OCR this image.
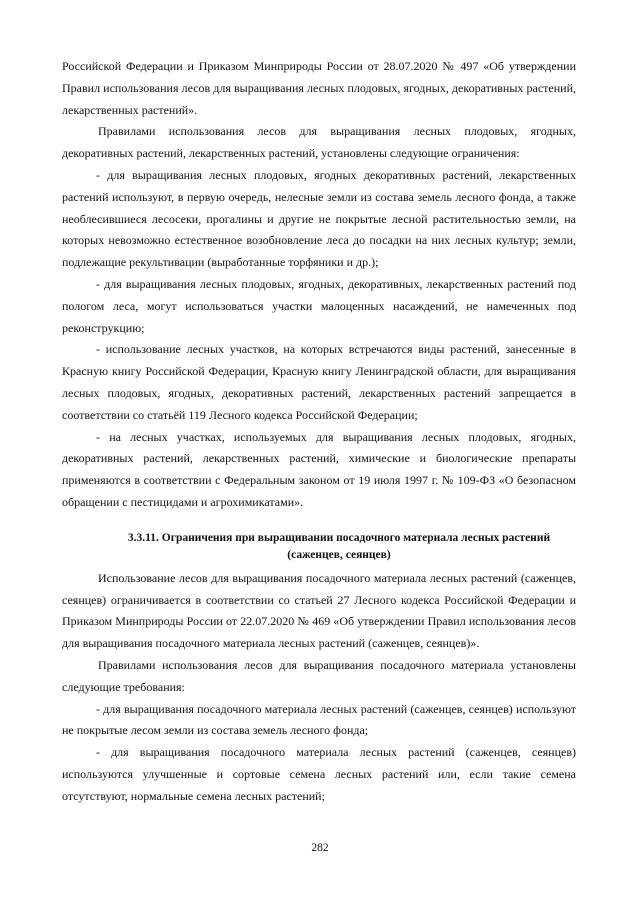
Российской Федерации и Приказом Минприроды России от 28.07.2020 № 497 «Об утверждении Правил использования лесов для выращивания лесных плодовых, ягодных, декоративных растений, лекарственных растений».

Правилами использования лесов для выращивания лесных плодовых, ягодных, декоративных растений, лекарственных растений, установлены следующие ограничения:

- для выращивания лесных плодовых, ягодных декоративных растений, лекарственных растений используют, в первую очередь, нелесные земли из состава земель лесного фонда, а также необлесившиеся лесосеки, прогалины и другие не покрытые лесной растительностью земли, на которых невозможно естественное возобновление леса до посадки на них лесных культур; земли, подлежащие рекультивации (выработанные торфяники и др.);

- для выращивания лесных плодовых, ягодных, декоративных, лекарственных растений под пологом леса, могут использоваться участки малоценных насаждений, не намеченных под реконструкцию;

- использование лесных участков, на которых встречаются виды растений, занесенные в Красную книгу Российской Федерации, Красную книгу Ленинградской области, для выращивания лесных плодовых, ягодных, декоративных растений, лекарственных растений запрещается в соответствии со статьёй 119 Лесного кодекса Российской Федерации;

- на лесных участках, используемых для выращивания лесных плодовых, ягодных, декоративных растений, лекарственных растений, химические и биологические препараты применяются в соответствии с Федеральным законом от 19 июля 1997 г. № 109-ФЗ «О безопасном обращении с пестицидами и агрохимикатами».

3.3.11. Ограничения при выращивании посадочного материала лесных растений
(саженцев, сеянцев)

Использование лесов для выращивания посадочного материала лесных растений (саженцев, сеянцев) ограничивается в соответствии со статьей 27 Лесного кодекса Российской Федерации и Приказом Минприроды России от 22.07.2020 № 469 «Об утверждении Правил использования лесов для выращивания посадочного материала лесных растений (саженцев, сеянцев)».

Правилами использования лесов для выращивания посадочного материала установлены следующие требования:

- для выращивания посадочного материала лесных растений (саженцев, сеянцев) используют не покрытые лесом земли из состава земель лесного фонда;

- для выращивания посадочного материала лесных растений (саженцев, сеянцев) используются улучшенные и сортовые семена лесных растений или, если такие семена отсутствуют, нормальные семена лесных растений;

282
